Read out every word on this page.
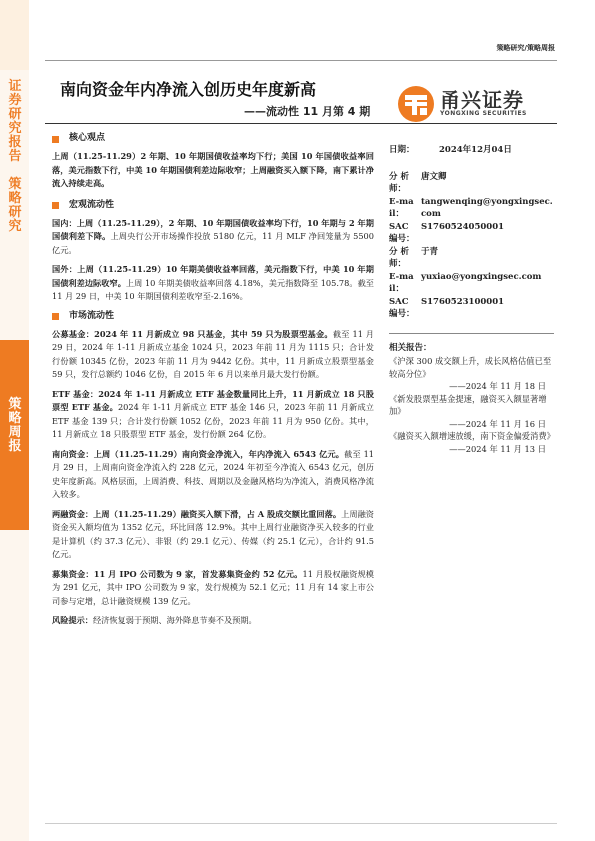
证券研究报告
策略研究
策略周报
策略研究/策略周报
南向资金年内净流入创历史年度新高
——流动性 11 月第 4 期	甬兴证券
YONGXING SECURITIES
核心观点

上周（11.25-11.29）2 年期、10 年期国债收益率均下行；美国 10 年国债收益率回落，美元指数下行，中美 10 年期国债利差边际收窄；上周融资买入额下降，南下累计净流入持续走高。

宏观流动性

国内：上周（11.25-11.29），2 年期、10 年期国债收益率均下行，10 年期与 2 年期国债利差下降。上周央行公开市场操作投放 5180 亿元，11 月 MLF 净回笼量为 5500 亿元。

国外：上周（11.25-11.29）10 年期美债收益率回落，美元指数下行，中美 10 年期国债利差边际收窄。上周 10 年期美债收益率回落 4.18%，美元指数降至 105.78。截至 11 月 29 日，中美 10 年期国债利差收窄至-2.16%。

市场流动性

公募基金：2024 年 11 月新成立 98 只基金，其中 59 只为股票型基金。截至 11 月 29 日，2024 年 1-11 月新成立基金 1024 只，2023 年前 11 月为 1115 只；合计发行份额 10345 亿份，2023 年前 11 月为 9442 亿份。其中，11 月新成立股票型基金 59 只，发行总额约 1046 亿份，自 2015 年 6 月以来单月最大发行份额。

ETF 基金：2024 年 1-11 月新成立 ETF 基金数量同比上升，11 月新成立 18 只股票型 ETF 基金。2024 年 1-11 月新成立 ETF 基金 146 只，2023 年前 11 月新成立 ETF 基金 139 只；合计发行份额 1052 亿份，2023 年前 11 月为 950 亿份。其中，11 月新成立 18 只股票型 ETF 基金，发行份额 264 亿份。

南向资金：上周（11.25-11.29）南向资金净流入，年内净流入 6543 亿元。截至 11 月 29 日，上周南向资金净流入约 228 亿元，2024 年初至今净流入 6543 亿元，创历史年度新高。风格层面，上周消费、科技、周期以及金融风格均为净流入，消费风格净流入较多。

两融资金：上周（11.25-11.29）融资买入额下滑，占 A 股成交额比重回落。上周融资资金买入额均值为 1352 亿元，环比回落 12.9%。其中上周行业融资净买入较多的行业是计算机（约 37.3 亿元）、非银（约 29.1 亿元）、传媒（约 25.1 亿元），合计约 91.5 亿元。

募集资金：11 月 IPO 公司数为 9 家，首发募集资金约 52 亿元。11 月股权融资规模为 291 亿元，其中 IPO 公司数为 9 家，发行规模为 52.1 亿元；11 月有 14 家上市公司参与定增，总计融资规模 139 亿元。

风险提示：经济恢复弱于预期、海外降息节奏不及预期。

日期：	2024年12月04日
分 析 师：
唐文卿
E-mail：
tangwenqing@yongxingsec.com
SAC编号：
S1760524050001
分 析 师：
于青
E-mail：
yuxiao@yongxingsec.com
SAC编号：
S1760523100001
相关报告：
《沪深 300 成交额上升，成长风格估值已至较高分位》
——2024 年 11 月 18 日
《新发股票型基金提速，融资买入额显著增加》
——2024 年 11 月 16 日
《融资买入额增速放缓，南下资金偏爱消费》
——2024 年 11 月 13 日
